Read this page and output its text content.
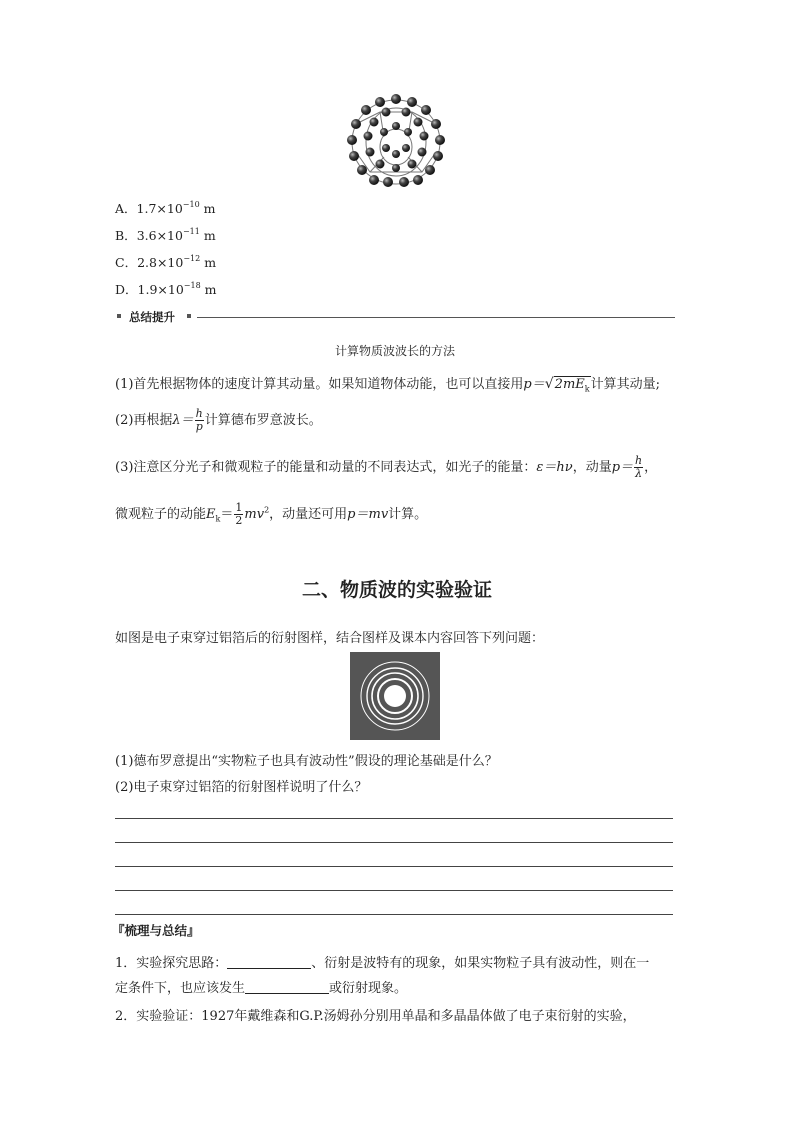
A．$1.7\times 10^{-10}$ m
B．$3.6\times 10^{-11}$ m
C．$2.8\times 10^{-12}$ m
D．$1.9\times 10^{-18}$ m
总结提升
计算物质波波长的方法
(1)首先根据物体的速度计算其动量。如果知道物体动能，也可以直接用$p=√2mE_k$计算其动量;
(2)再根据$\lambda= \frac{h}{p}$ 计算德布罗意波长。
(3)注意区分光子和微观粒子的能量和动量的不同表达式，如光子的能量：ε＝hν，动量$p= \frac{h}{\lambda}$ ，
微观粒子的动能$E_k= \frac{1}{2} mv^2$，动量还可用p＝mv计算。
二、物质波的实验验证
如图是电子束穿过铝箔后的衍射图样，结合图样及课本内容回答下列问题：
(1)德布罗意提出“实物粒子也具有波动性”假设的理论基础是什么？
(2)电子束穿过铝箔的衍射图样说明了什么？
『梳理与总结』
1．实验探究思路：	、衍射是波特有的现象，如果实物粒子具有波动性，则在一
定条件下，也应该发生	或衍射现象。
2．实验验证：1927年戴维森和G.P.汤姆孙分别用单晶和多晶晶体做了电子束衍射的实验，
